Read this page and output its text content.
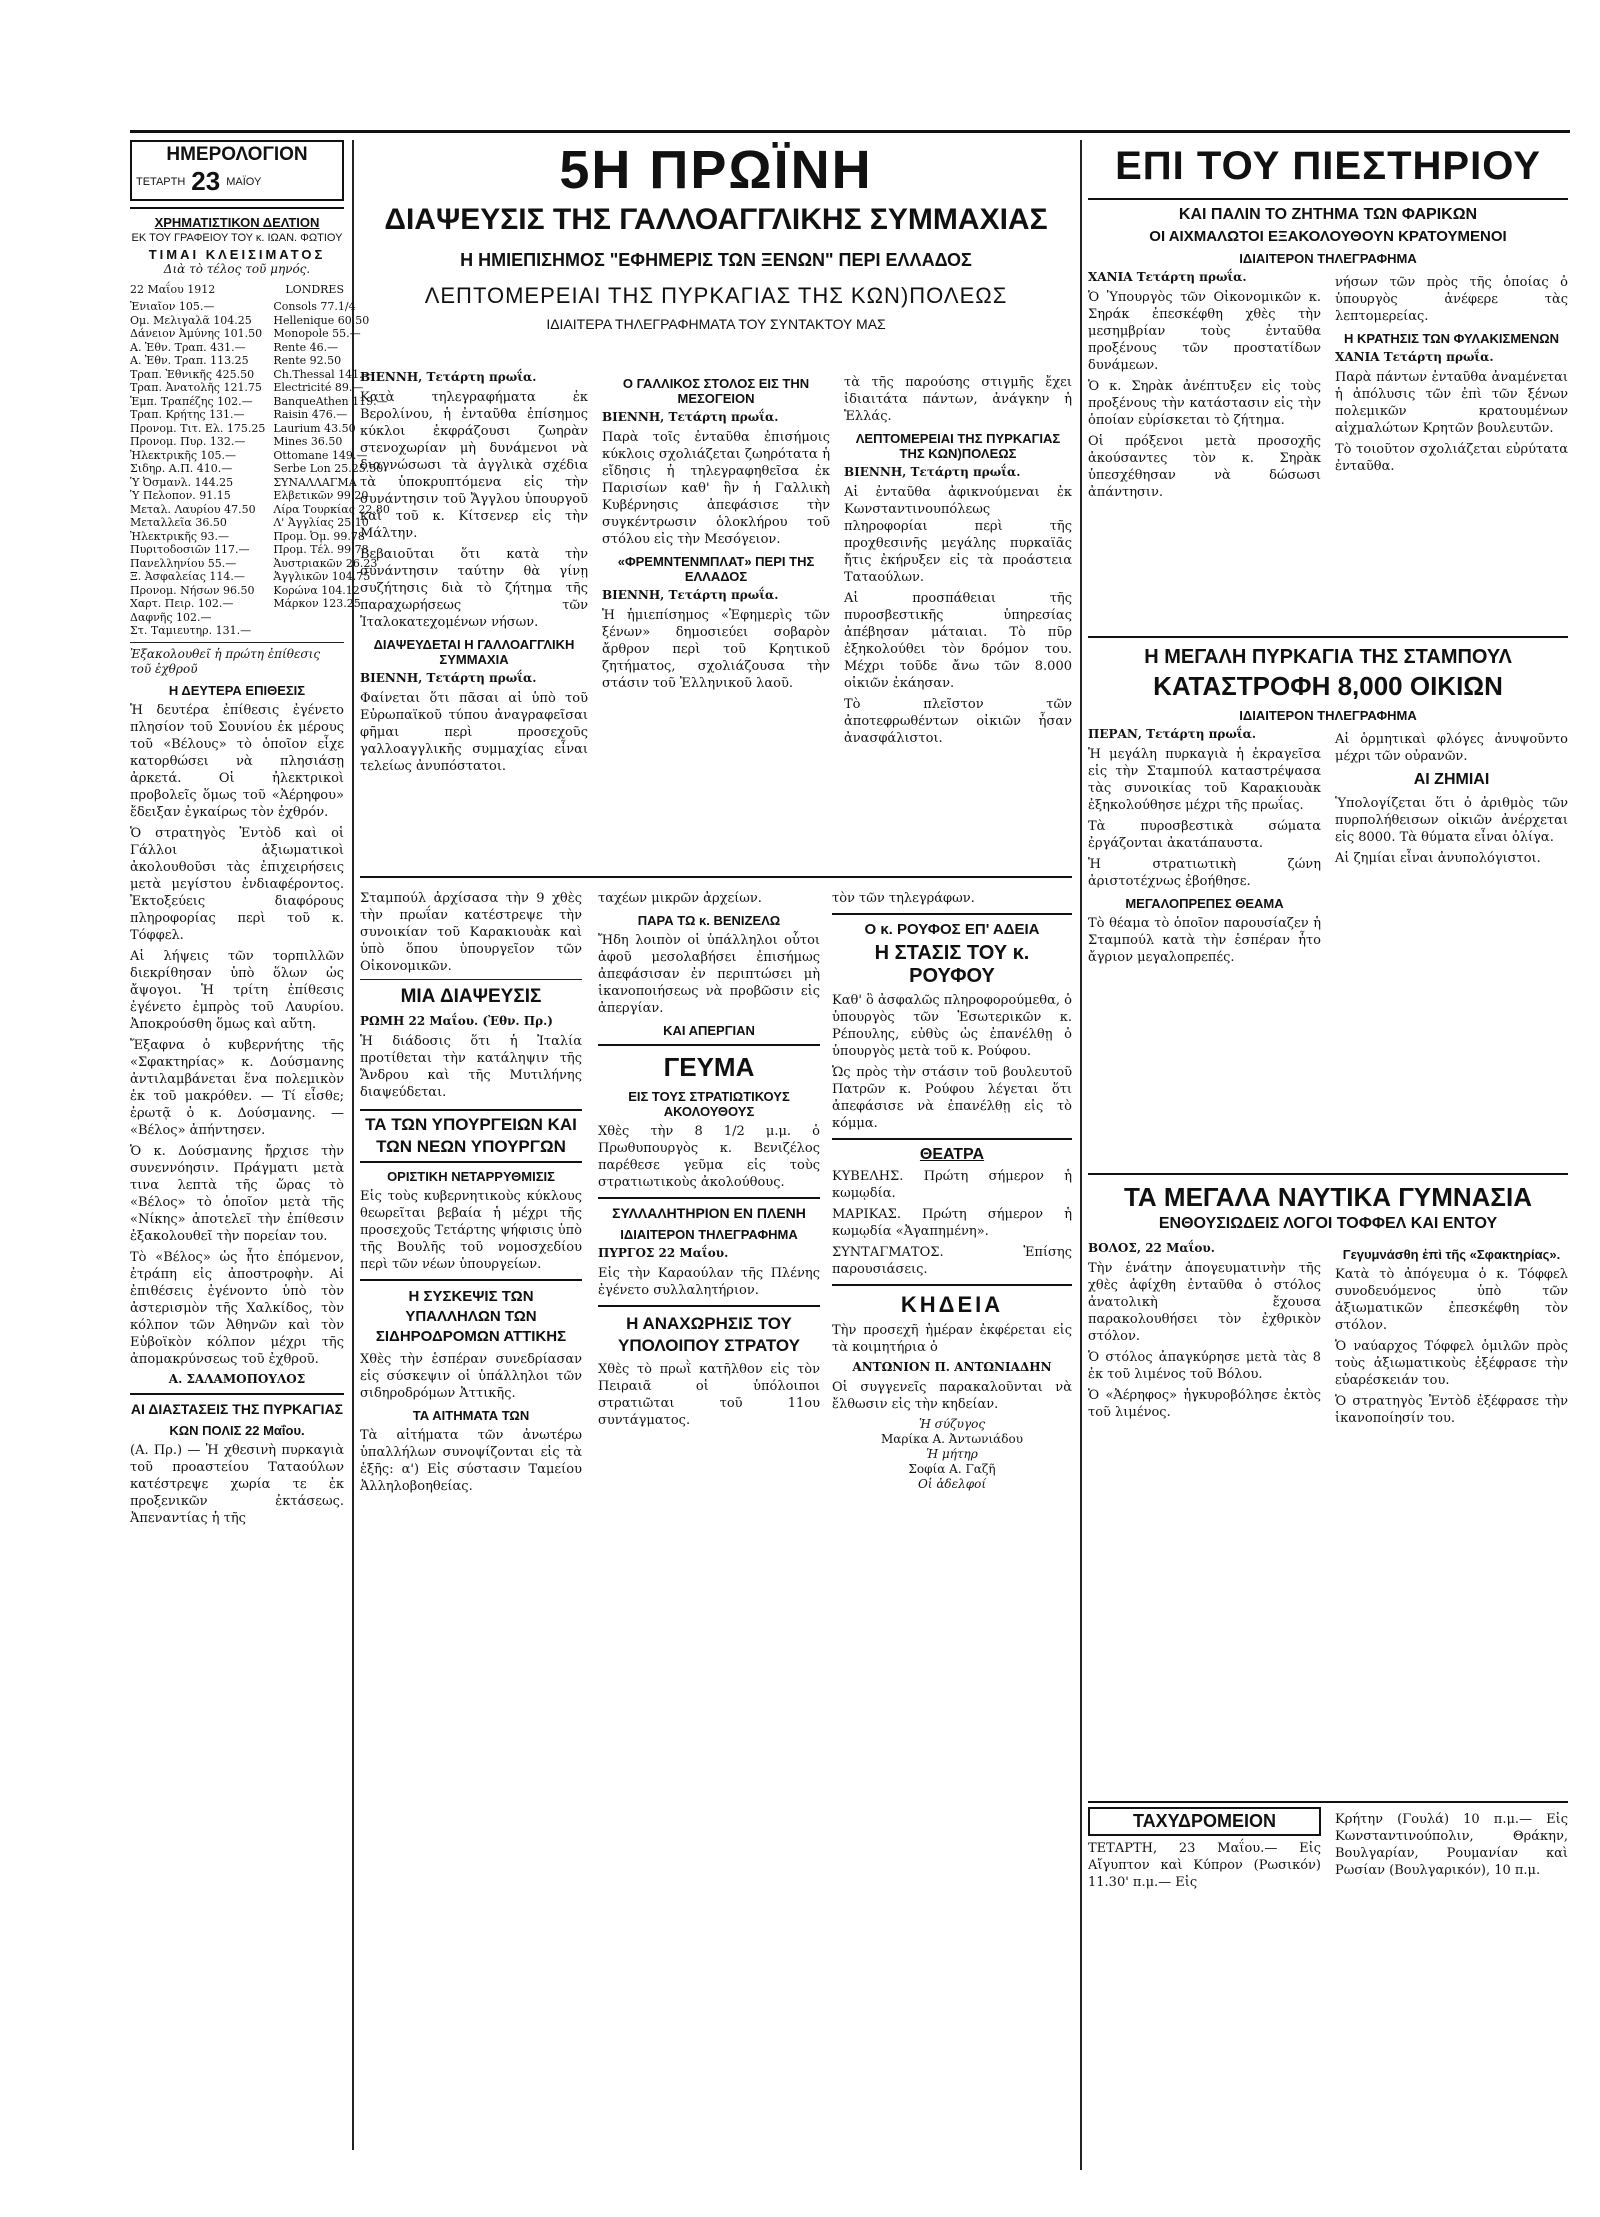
ΗΜΕΡΟΛΟΓΙΟΝ
ΤΕΤΑΡΤΗ 23 ΜΑΪΟΥ
ΧΡΗΜΑΤΙΣΤΙΚΟΝ ΔΕΛΤΙΟΝ
ΕΚ ΤΟΥ ΓΡΑΦΕΙΟΥ ΤΟΥ κ. ΙΩΑΝ. ΦΩΤΙΟΥ
ΤΙΜΑΙ ΚΛΕΙΣΙΜΑΤΟΣ
Διὰ τὸ τέλος τοῦ μηνός.
22 Μαΐου 1912	LONDRES
Ἐνιαῖον 105.—
Ομ. Μελιγαλᾶ 104.25
Δάνειον Ἀμύνης 101.50
Α. Ἐθν. Τραπ. 431.—
Α. Ἐθν. Τραπ. 113.25
Τραπ. Ἐθνικῆς 425.50
Τραπ. Ἀνατολῆς 121.75
Ἐμπ. Τραπέζης 102.—
Τραπ. Κρήτης 131.—
Προνομ. Τιτ. Ελ. 175.25
Προνομ. Πυρ. 132.—
Ἠλεκτρικῆς 105.—
Σιδηρ. Α.Π. 410.—
Ὑ Ὀσμανλ. 144.25
Ὑ Πελοπον. 91.15
Μεταλ. Λαυρίου 47.50
Μεταλλεῖα 36.50
Ἠλεκτρικῆς 93.—
Πυριτοδοσιῶν 117.—
Πανελληνίου 55.—
Ξ. Ἀσφαλείας 114.—
Προνομ. Νήσων 96.50
Χαρτ. Πειρ. 102.—
Δαφνῆς 102.—
Στ. Ταμιευτηρ. 131.—
Consols 77.1/4
Hellenique 60.50
Monopole 55.—
Rente 46.—
Rente 92.50
Ch.Thessal 141.—
Electricité 89.—
BanqueAthen 119.—
Raisin 476.—
Laurium 43.50
Mines 36.50
Ottomane 149.—
Serbe Lon 25.25.50
ΣΥΝΑΛΛΑΓΜΑ
Ελβετικῶν 99.20
Λίρα Τουρκίας 22.80
Λ' Ἀγγλίας 25.10
Προμ. Ὀμ. 99.78
Προμ. Τέλ. 99.78
Ἀυστριακῶν 26.23
Ἀγγλικῶν 104.75
Κορώνα 104.12
Μάρκον 123.25
Ἐξακολουθεῖ ἡ πρώτη ἐπίθεσις τοῦ ἐχθροῦ
Η ΔΕΥΤΕΡΑ ΕΠΙΘΕΣΙΣ
Ἡ δευτέρα ἐπίθεσις ἐγένετο πλησίον τοῦ Σουνίου ἐκ μέρους τοῦ «Βέλους» τὸ ὁποῖον εἶχε κατορθώσει νὰ πλησιάσῃ ἀρκετά. Οἱ ἠλεκτρικοὶ προβολεῖς ὅμως τοῦ «Ἀέρηφου» ἔδειξαν ἐγκαίρως τὸν ἐχθρόν.
Ὁ στρατηγὸς Ἑντὸδ καὶ οἱ Γάλλοι ἀξιωματικοὶ ἀκολουθοῦσι τὰς ἐπιχειρήσεις μετὰ μεγίστου ἐνδιαφέροντος. Ἐκτοξεύεις διαφόρους πληροφορίας περὶ τοῦ κ. Τόφφελ.
Αἱ λήψεις τῶν τορπιλλῶν διεκρίθησαν ὑπὸ ὅλων ὡς ἄψογοι. Ἡ τρίτη ἐπίθεσις ἐγένετο ἐμπρὸς τοῦ Λαυρίου. Ἀποκρούσθη ὅμως καὶ αὕτη.
Ἔξαφνα ὁ κυβερνήτης τῆς «Σφακτηρίας» κ. Δούσμανης ἀντιλαμβάνεται ἕνα πολεμικὸν ἐκ τοῦ μακρόθεν. — Τί εἶσθε; ἐρωτᾷ ὁ κ. Δούσμανης. — «Βέλος» ἀπήντησεν.
Ὁ κ. Δούσμανης ἤρχισε τὴν συνεννόησιν. Πράγματι μετὰ τινα λεπτὰ τῆς ὥρας τὸ «Βέλος» τὸ ὁποῖον μετὰ τῆς «Νίκης» ἀποτελεῖ τὴν ἐπίθεσιν ἐξακολουθεῖ τὴν πορείαν του.
Τὸ «Βέλος» ὡς ἦτο ἐπόμενον, ἐτράπη εἰς ἀποστροφὴν. Αἱ ἐπιθέσεις ἐγένοντο ὑπὸ τὸν ἀστερισμὸν τῆς Χαλκίδος, τὸν κόλπον τῶν Ἀθηνῶν καὶ τὸν Εὐβοϊκὸν κόλπον μέχρι τῆς ἀπομακρύνσεως τοῦ ἐχθροῦ.
Α. ΣΑΛΑΜΟΠΟΥΛΟΣ
ΑΙ ΔΙΑΣΤΑΣΕΙΣ ΤΗΣ ΠΥΡΚΑΓΙΑΣ
ΚΩΝ ΠΟΛΙΣ 22 Μαΐου.
(Α. Πρ.) — Ἡ χθεσινὴ πυρκαγιὰ τοῦ προαστείου Ταταούλων κατέστρεψε χωρία τε ἐκ προξενικῶν ἐκτάσεως. Ἀπεναντίας ἡ τῆς
5Η ΠΡΩΪΝΗ
ΔΙΑΨΕΥΣΙΣ ΤΗΣ ΓΑΛΛΟΑΓΓΛΙΚΗΣ ΣΥΜΜΑΧΙΑΣ
Η ΗΜΙΕΠΙΣΗΜΟΣ "ΕΦΗΜΕΡΙΣ ΤΩΝ ΞΕΝΩΝ" ΠΕΡΙ ΕΛΛΑΔΟΣ
ΛΕΠΤΟΜΕΡΕΙΑΙ ΤΗΣ ΠΥΡΚΑΓΙΑΣ ΤΗΣ ΚΩΝ)ΠΟΛΕΩΣ
ΙΔΙΑΙΤΕΡΑ ΤΗΛΕΓΡΑΦΗΜΑΤΑ ΤΟΥ ΣΥΝΤΑΚΤΟΥ ΜΑΣ
ΒΙΕΝΝΗ, Τετάρτη πρωΐα.
Κατὰ τηλεγραφήματα ἐκ Βερολίνου, ἡ ἐνταῦθα ἐπίσημος κύκλοι ἐκφράζουσι ζωηρὰν στενοχωρίαν μὴ δυνάμενοι νὰ διαγνώσωσι τὰ ἀγγλικὰ σχέδια τὰ ὑποκρυπτόμενα εἰς τὴν συνάντησιν τοῦ Ἄγγλου ὑπουργοῦ καὶ τοῦ κ. Κίτσενερ εἰς τὴν Μάλτην.
Βεβαιοῦται ὅτι κατὰ τὴν συνάντησιν ταύτην θὰ γίνῃ συζήτησις διὰ τὸ ζήτημα τῆς παραχωρήσεως τῶν Ἰταλοκατεχομένων νήσων.
ΔΙΑΨΕΥΔΕΤΑΙ Η ΓΑΛΛΟΑΓΓΛΙΚΗ ΣΥΜΜΑΧΙΑ
ΒΙΕΝΝΗ, Τετάρτη πρωΐα.
Φαίνεται ὅτι πᾶσαι αἱ ὑπὸ τοῦ Εὐρωπαϊκοῦ τύπου ἀναγραφεῖσαι φῆμαι περὶ προσεχοῦς γαλλοαγγλικῆς συμμαχίας εἶναι τελείως ἀνυπόστατοι.
Ο ΓΑΛΛΙΚΟΣ ΣΤΟΛΟΣ ΕΙΣ ΤΗΝ ΜΕΣΟΓΕΙΟΝ
ΒΙΕΝΝΗ, Τετάρτη πρωΐα.
Παρὰ τοῖς ἐνταῦθα ἐπισήμοις κύκλοις σχολιάζεται ζωηρότατα ἡ εἴδησις ἡ τηλεγραφηθεῖσα ἐκ Παρισίων καθ' ἣν ἡ Γαλλικὴ Κυβέρνησις ἀπεφάσισε τὴν συγκέντρωσιν ὁλοκλήρου τοῦ στόλου εἰς τὴν Μεσόγειον.
«ΦΡΕΜΝΤΕΝΜΠΛΑΤ» ΠΕΡΙ ΤΗΣ ΕΛΛΑΔΟΣ
ΒΙΕΝΝΗ, Τετάρτη πρωΐα.
Ἡ ἡμιεπίσημος «Ἐφημερὶς τῶν ξένων» δημοσιεύει σοβαρὸν ἄρθρον περὶ τοῦ Κρητικοῦ ζητήματος, σχολιάζουσα τὴν στάσιν τοῦ Ἑλληνικοῦ λαοῦ.
τὰ τῆς παρούσης στιγμῆς ἔχει ἰδιαιτάτα πάντων, ἀνάγκην ἡ Ἑλλάς.
ΛΕΠΤΟΜΕΡΕΙΑΙ ΤΗΣ ΠΥΡΚΑΓΙΑΣ ΤΗΣ ΚΩΝ)ΠΟΛΕΩΣ
ΒΙΕΝΝΗ, Τετάρτη πρωΐα.
Αἱ ἐνταῦθα ἀφικνούμεναι ἐκ Κωνσταντινουπόλεως πληροφορίαι περὶ τῆς προχθεσινῆς μεγάλης πυρκαϊᾶς ἤτις ἐκήρυξεν εἰς τὰ προάστεια Ταταούλων.
Αἱ προσπάθειαι τῆς πυροσβεστικῆς ὑπηρεσίας ἀπέβησαν μάταιαι. Τὸ πῦρ ἐξηκολούθει τὸν δρόμον του. Μέχρι τοῦδε ἄνω τῶν 8.000 οἰκιῶν ἐκάησαν.
Τὸ πλεῖστον τῶν ἀποτεφρωθέντων οἰκιῶν ἦσαν ἀνασφάλιστοι.
Σταμπούλ ἀρχίσασα τὴν 9 χθὲς τὴν πρωΐαν κατέστρεψε τὴν συνοικίαν τοῦ Καρακιουὰκ καὶ ὑπὸ ὅπου ὑπουργεῖον τῶν Οἰκονομικῶν.
ΜΙΑ ΔΙΑΨΕΥΣΙΣ
ΡΩΜΗ 22 Μαΐου. (Ἐθν. Πρ.)
Ἡ διάδοσις ὅτι ἡ Ἰταλία προτίθεται τὴν κατάληψιν τῆς Ἄνδρου καὶ τῆς Μυτιλήνης διαψεύδεται.
ΤΑ ΤΩΝ ΥΠΟΥΡΓΕΙΩΝ ΚΑΙ ΤΩΝ ΝΕΩΝ ΥΠΟΥΡΓΩΝ
ΟΡΙΣΤΙΚΗ ΝΕΤΑΡΡΥΘΜΙΣΙΣ
Εἰς τοὺς κυβερνητικοὺς κύκλους θεωρεῖται βεβαία ἡ μέχρι τῆς προσεχοῦς Τετάρτης ψήφισις ὑπὸ τῆς Βουλῆς τοῦ νομοσχεδίου περὶ τῶν νέων ὑπουργείων.
Η ΣΥΣΚΕΨΙΣ ΤΩΝ ΥΠΑΛΛΗΛΩΝ ΤΩΝ ΣΙΔΗΡΟΔΡΟΜΩΝ ΑΤΤΙΚΗΣ
Χθὲς τὴν ἑσπέραν συνεδρίασαν εἰς σύσκεψιν οἱ ὑπάλληλοι τῶν σιδηροδρόμων Ἀττικῆς.
ΤΑ ΑΙΤΗΜΑΤΑ ΤΩΝ
Τὰ αἰτήματα τῶν ἀνωτέρω ὑπαλλήλων συνοψίζονται εἰς τὰ ἑξῆς: α') Εἰς σύστασιν Ταμείου Ἀλληλοβοηθείας.
ταχέων μικρῶν ἀρχείων.
ΠΑΡΑ ΤΩ κ. ΒΕΝΙΖΕΛΩ
Ἤδη λοιπὸν οἱ ὑπάλληλοι οὗτοι ἀφοῦ μεσολαβήσει ἐπισήμως ἀπεφάσισαν ἐν περιπτώσει μὴ ἱκανοποιήσεως νὰ προβῶσιν εἰς ἀπεργίαν.
ΚΑΙ ΑΠΕΡΓΙΑΝ
ΓΕΥΜΑ
ΕΙΣ ΤΟΥΣ ΣΤΡΑΤΙΩΤΙΚΟΥΣ ΑΚΟΛΟΥΘΟΥΣ
Χθὲς τὴν 8 1/2 μ.μ. ὁ Πρωθυπουργὸς κ. Βενιζέλος παρέθεσε γεῦμα εἰς τοὺς στρατιωτικοὺς ἀκολούθους.
ΣΥΛΛΑΛΗΤΗΡΙΟΝ ΕΝ ΠΛΕΝΗ
ΙΔΙΑΙΤΕΡΟΝ ΤΗΛΕΓΡΑΦΗΜΑ
ΠΥΡΓΟΣ 22 Μαΐου.
Εἰς τὴν Καραούλαν τῆς Πλένης ἐγένετο συλλαλητήριον.
Η ΑΝΑΧΩΡΗΣΙΣ ΤΟΥ ΥΠΟΛΟΙΠΟΥ ΣΤΡΑΤΟΥ
Χθὲς τὸ πρωῒ κατῆλθον εἰς τὸν Πειραιᾶ οἱ ὑπόλοιποι στρατιῶται τοῦ 11ου συντάγματος.
τὸν τῶν τηλεγράφων.
Ο κ. ΡΟΥΦΟΣ ΕΠ' ΑΔΕΙΑ
Η ΣΤΑΣΙΣ ΤΟΥ κ. ΡΟΥΦΟΥ
Καθ' ὃ ἀσφαλῶς πληροφορούμεθα, ὁ ὑπουργὸς τῶν Ἐσωτερικῶν κ. Ρέπουλης, εὐθὺς ὡς ἐπανέλθῃ ὁ ὑπουργὸς μετὰ τοῦ κ. Ρούφου.
Ὡς πρὸς τὴν στάσιν τοῦ βουλευτοῦ Πατρῶν κ. Ρούφου λέγεται ὅτι ἀπεφάσισε νὰ ἐπανέλθῃ εἰς τὸ κόμμα.
ΘΕΑΤΡΑ
ΚΥΒΕΛΗΣ. Πρώτη σήμερον ἡ κωμῳδία.
ΜΑΡΙΚΑΣ. Πρώτη σήμερον ἡ κωμῳδία «Ἀγαπημένη».
ΣΥΝΤΑΓΜΑΤΟΣ. Ἐπίσης παρουσιάσεις.
ΚΗΔΕΙΑ
Τὴν προσεχῆ ἡμέραν ἐκφέρεται εἰς τὰ κοιμητήρια ὁ
ΑΝΤΩΝΙΟΝ Π. ΑΝΤΩΝΙΑΔΗΝ
Οἱ συγγενεῖς παρακαλοῦνται νὰ ἔλθωσιν εἰς τὴν κηδείαν.
Ἡ σύζυγος
Μαρίκα Α. Ἀντωνιάδου
Ἡ μήτηρ
Σοφία Α. Γαζῆ
Οἱ ἀδελφοί
ΕΠΙ ΤΟΥ ΠΙΕΣΤΗΡΙΟΥ
ΚΑΙ ΠΑΛΙΝ ΤΟ ΖΗΤΗΜΑ ΤΩΝ ΦΑΡΙΚΩΝ
ΟΙ ΑΙΧΜΑΛΩΤΟΙ ΕΞΑΚΟΛΟΥΘΟΥΝ ΚΡΑΤΟΥΜΕΝΟΙ
ΙΔΙΑΙΤΕΡΟΝ ΤΗΛΕΓΡΑΦΗΜΑ
ΧΑΝΙΑ Τετάρτη πρωΐα.
Ὁ Ὑπουργὸς τῶν Οἰκονομικῶν κ. Σηράκ ἐπεσκέφθη χθὲς τὴν μεσημβρίαν τοὺς ἐνταῦθα προξένους τῶν προστατίδων δυνάμεων.
Ὁ κ. Σηρὰκ ἀνέπτυξεν εἰς τοὺς προξένους τὴν κατάστασιν εἰς τὴν ὁποίαν εὑρίσκεται τὸ ζήτημα.
Οἱ πρόξενοι μετὰ προσοχῆς ἀκούσαντες τὸν κ. Σηρὰκ ὑπεσχέθησαν νὰ δώσωσι ἀπάντησιν.
νήσων τῶν πρὸς τῆς ὁποίας ὁ ὑπουργὸς ἀνέφερε τὰς λεπτομερείας.
Η ΚΡΑΤΗΣΙΣ ΤΩΝ ΦΥΛΑΚΙΣΜΕΝΩΝ
ΧΑΝΙΑ Τετάρτη πρωΐα.
Παρὰ πάντων ἐνταῦθα ἀναμένεται ἡ ἀπόλυσις τῶν ἐπὶ τῶν ξένων πολεμικῶν κρατουμένων αἰχμαλώτων Κρητῶν βουλευτῶν.
Τὸ τοιοῦτον σχολιάζεται εὐρύτατα ἐνταῦθα.
Η ΜΕΓΑΛΗ ΠΥΡΚΑΓΙΑ ΤΗΣ ΣΤΑΜΠΟΥΛ
ΚΑΤΑΣΤΡΟΦΗ 8,000 ΟΙΚΙΩΝ
ΙΔΙΑΙΤΕΡΟΝ ΤΗΛΕΓΡΑΦΗΜΑ
ΠΕΡΑΝ, Τετάρτη πρωΐα.
Ἡ μεγάλη πυρκαγιὰ ἡ ἐκραγεῖσα εἰς τὴν Σταμπούλ καταστρέψασα τὰς συνοικίας τοῦ Καρακιουὰκ ἐξηκολούθησε μέχρι τῆς πρωΐας.
Τὰ πυροσβεστικὰ σώματα ἐργάζονται ἀκατάπαυστα.
Ἡ στρατιωτικὴ ζώνη ἀριστοτέχνως ἐβοήθησε.
ΜΕΓΑΛΟΠΡΕΠΕΣ ΘΕΑΜΑ
Τὸ θέαμα τὸ ὁποῖον παρουσίαζεν ἡ Σταμπούλ κατὰ τὴν ἑσπέραν ἦτο ἄγριον μεγαλοπρεπές.
Αἱ ὁρμητικαὶ φλόγες ἀνυψοῦντο μέχρι τῶν οὐρανῶν.
ΑΙ ΖΗΜΙΑΙ
Ὑπολογίζεται ὅτι ὁ ἀριθμὸς τῶν πυρπολήθεισων οἰκιῶν ἀνέρχεται εἰς 8000. Τὰ θύματα εἶναι ὀλίγα.
Αἱ ζημίαι εἶναι ἀνυπολόγιστοι.
ΤΑ ΜΕΓΑΛΑ ΝΑΥΤΙΚΑ ΓΥΜΝΑΣΙΑ
ΕΝΘΟΥΣΙΩΔΕΙΣ ΛΟΓΟΙ ΤΟΦΦΕΛ ΚΑΙ ΕΝΤΟΥ
ΒΟΛΟΣ, 22 Μαΐου.
Τὴν ἑνάτην ἀπογευματινὴν τῆς χθὲς ἀφίχθη ἐνταῦθα ὁ στόλος ἀνατολικὴ ἔχουσα παρακολουθήσει τὸν ἐχθρικὸν στόλον.
Ὁ στόλος ἀπαγκύρησε μετὰ τὰς 8 ἐκ τοῦ λιμένος τοῦ Βόλου.
Ὁ «Ἀέρηφος» ἠγκυροβόλησε ἐκτὸς τοῦ λιμένος.
Γεγυμνάσθη ἐπὶ τῆς «Σφακτηρίας».
Κατὰ τὸ ἀπόγευμα ὁ κ. Τόφφελ συνοδευόμενος ὑπὸ τῶν ἀξιωματικῶν ἐπεσκέφθη τὸν στόλον.
Ὁ ναύαρχος Τόφφελ ὁμιλῶν πρὸς τοὺς ἀξιωματικοὺς ἐξέφρασε τὴν εὐαρέσκειάν του.
Ὁ στρατηγὸς Ἑντὸδ ἐξέφρασε τὴν ἱκανοποίησίν του.
ΤΑΧΥΔΡΟΜΕΙΟΝ
ΤΕΤΑΡΤΗ, 23 Μαΐου.— Εἰς Αἴγυπτον καὶ Κύπρον (Ρωσικόν) 11.30' π.μ.— Εἰς
Κρήτην (Γουλά) 10 π.μ.— Εἰς Κωνσταντινούπολιν, Θράκην, Βουλγαρίαν, Ρουμανίαν καὶ Ρωσίαν (Βουλγαρικόν), 10 π.μ.
